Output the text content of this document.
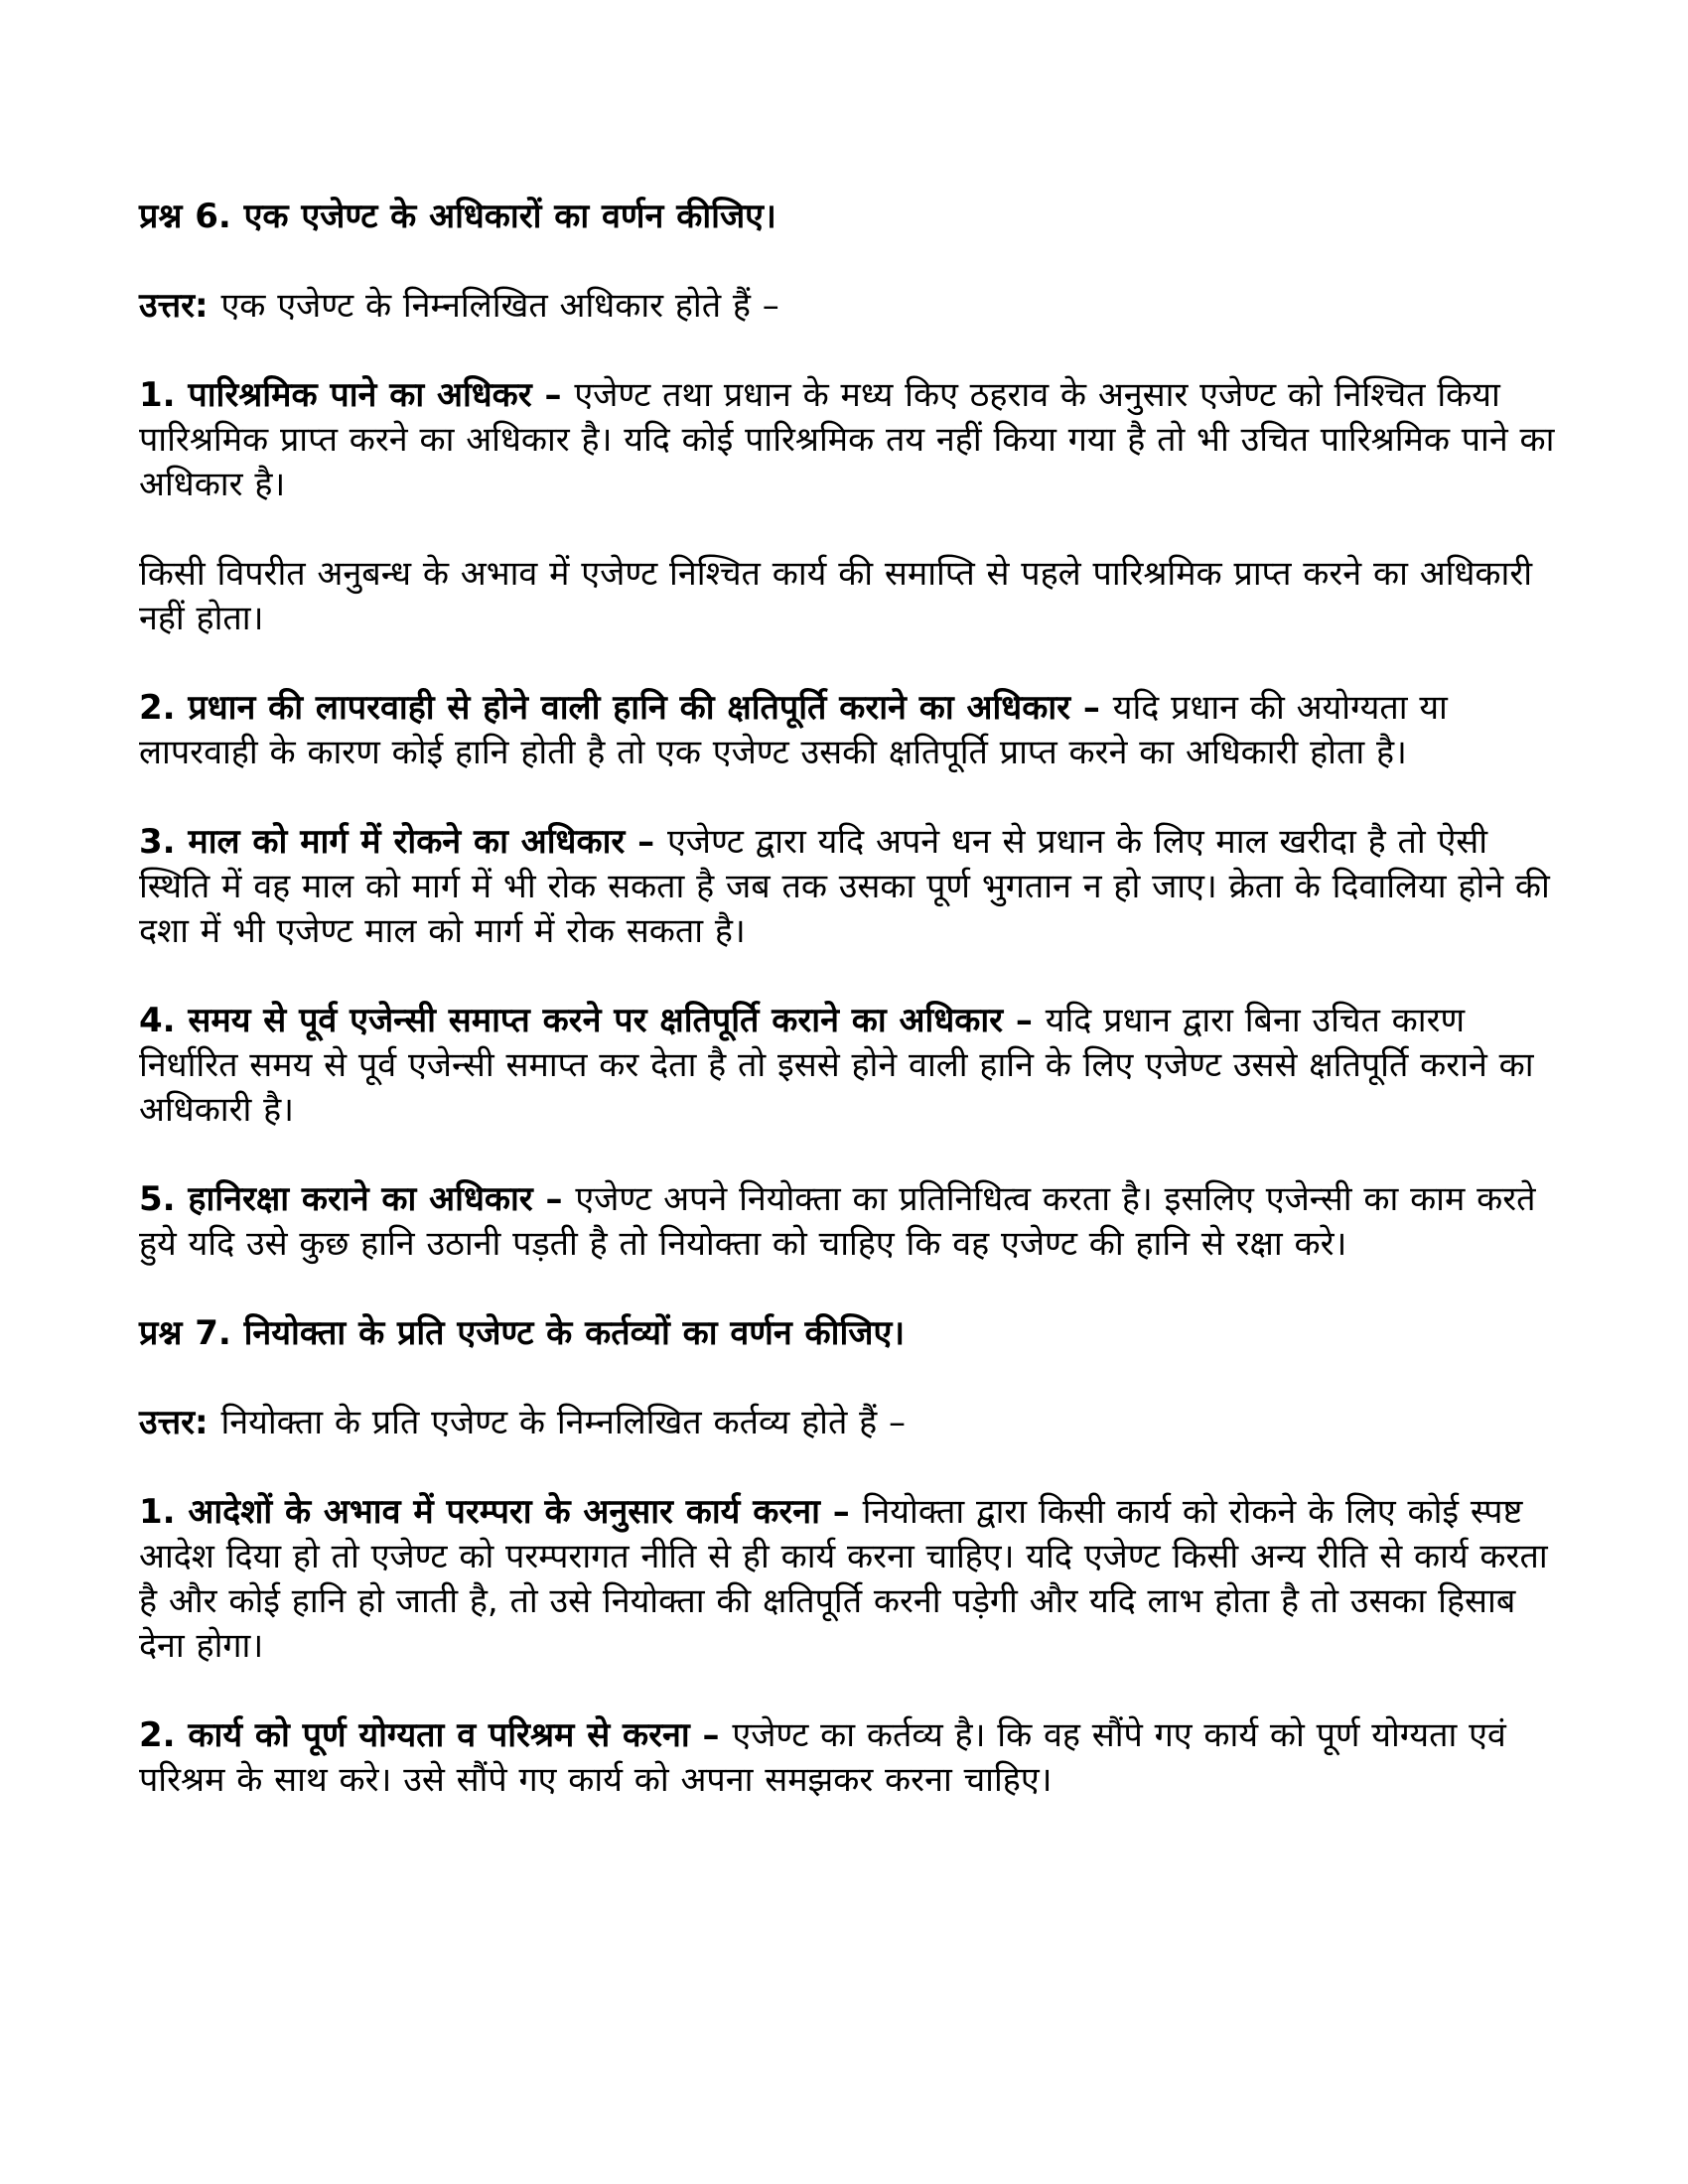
प्रश्न 6. एक एजेण्ट के अधिकारों का वर्णन कीजिए।

उत्तर: एक एजेण्ट के निम्नलिखित अधिकार होते हैं –

1. पारिश्रमिक पाने का अधिकर – एजेण्ट तथा प्रधान के मध्य किए ठहराव के अनुसार एजेण्ट को निश्चित किया पारिश्रमिक प्राप्त करने का अधिकार है। यदि कोई पारिश्रमिक तय नहीं किया गया है तो भी उचित पारिश्रमिक पाने का अधिकार है।

किसी विपरीत अनुबन्ध के अभाव में एजेण्ट निश्चित कार्य की समाप्ति से पहले पारिश्रमिक प्राप्त करने का अधिकारी नहीं होता।

2. प्रधान की लापरवाही से होने वाली हानि की क्षतिपूर्ति कराने का अधिकार – यदि प्रधान की अयोग्यता या लापरवाही के कारण कोई हानि होती है तो एक एजेण्ट उसकी क्षतिपूर्ति प्राप्त करने का अधिकारी होता है।

3. माल को मार्ग में रोकने का अधिकार – एजेण्ट द्वारा यदि अपने धन से प्रधान के लिए माल खरीदा है तो ऐसी स्थिति में वह माल को मार्ग में भी रोक सकता है जब तक उसका पूर्ण भुगतान न हो जाए। क्रेता के दिवालिया होने की दशा में भी एजेण्ट माल को मार्ग में रोक सकता है।

4. समय से पूर्व एजेन्सी समाप्त करने पर क्षतिपूर्ति कराने का अधिकार – यदि प्रधान द्वारा बिना उचित कारण निर्धारित समय से पूर्व एजेन्सी समाप्त कर देता है तो इससे होने वाली हानि के लिए एजेण्ट उससे क्षतिपूर्ति कराने का अधिकारी है।

5. हानिरक्षा कराने का अधिकार – एजेण्ट अपने नियोक्ता का प्रतिनिधित्व करता है। इसलिए एजेन्सी का काम करते हुये यदि उसे कुछ हानि उठानी पड़ती है तो नियोक्ता को चाहिए कि वह एजेण्ट की हानि से रक्षा करे।

प्रश्न 7. नियोक्ता के प्रति एजेण्ट के कर्तव्यों का वर्णन कीजिए।

उत्तर: नियोक्ता के प्रति एजेण्ट के निम्नलिखित कर्तव्य होते हैं –

1. आदेशों के अभाव में परम्परा के अनुसार कार्य करना – नियोक्ता द्वारा किसी कार्य को रोकने के लिए कोई स्पष्ट आदेश दिया हो तो एजेण्ट को परम्परागत नीति से ही कार्य करना चाहिए। यदि एजेण्ट किसी अन्य रीति से कार्य करता है और कोई हानि हो जाती है, तो उसे नियोक्ता की क्षतिपूर्ति करनी पड़ेगी और यदि लाभ होता है तो उसका हिसाब देना होगा।

2. कार्य को पूर्ण योग्यता व परिश्रम से करना – एजेण्ट का कर्तव्य है। कि वह सौंपे गए कार्य को पूर्ण योग्यता एवं परिश्रम के साथ करे। उसे सौंपे गए कार्य को अपना समझकर करना चाहिए।
